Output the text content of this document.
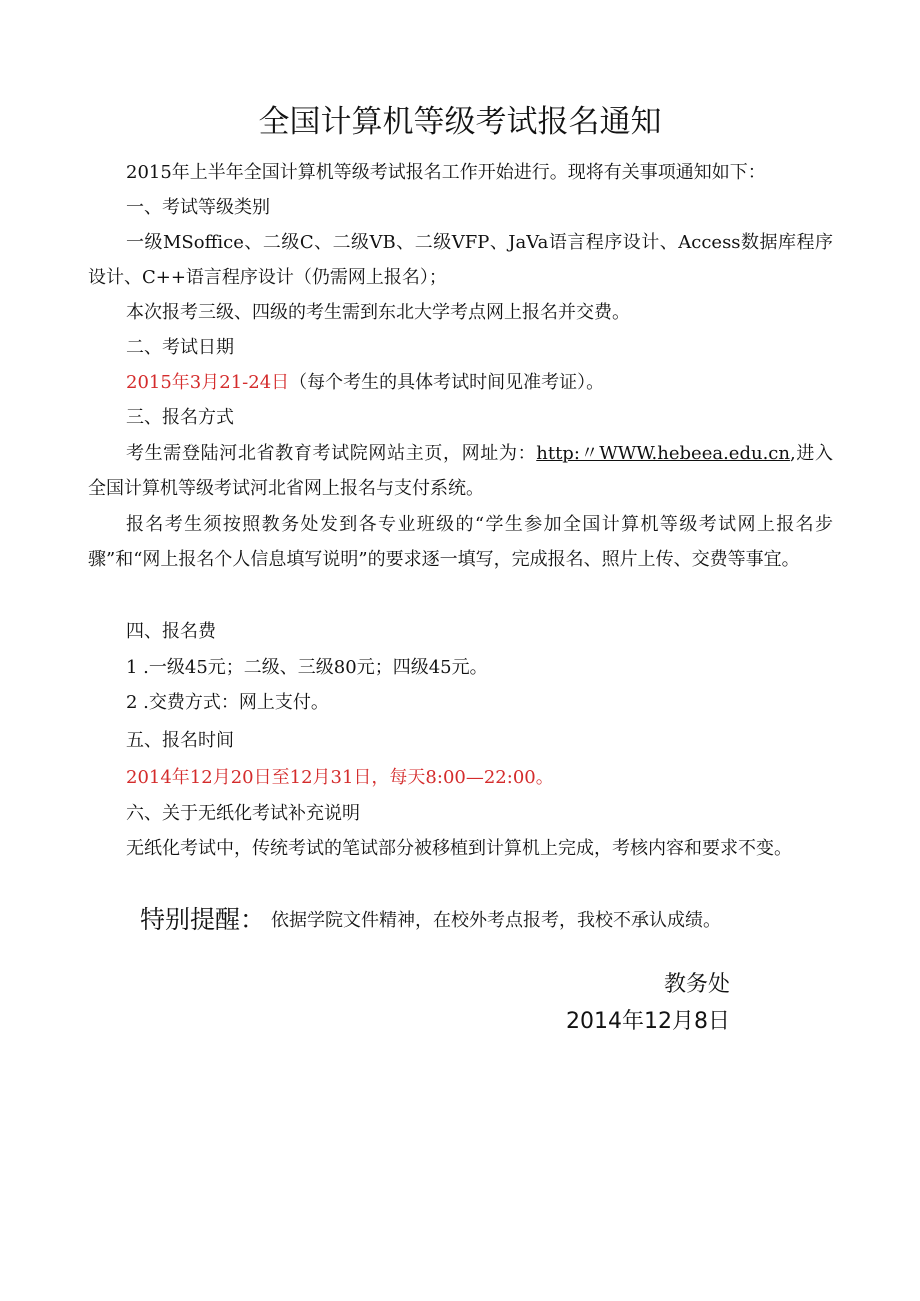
全国计算机等级考试报名通知
2015年上半年全国计算机等级考试报名工作开始进行。现将有关事项通知如下：
一、考试等级类别
一级MSoffice、二级C、二级VB、二级VFP、JaVa语言程序设计、Access数据库程序设计、C++语言程序设计（仍需网上报名）；
本次报考三级、四级的考生需到东北大学考点网上报名并交费。
二、考试日期
2015年3月21-24日（每个考生的具体考试时间见准考证）。
三、报名方式
考生需登陆河北省教育考试院网站主页，网址为：http:〃WWW.hebeea.edu.cn,进入全国计算机等级考试河北省网上报名与支付系统。
报名考生须按照教务处发到各专业班级的“学生参加全国计算机等级考试网上报名步骤”和“网上报名个人信息填写说明”的要求逐一填写，完成报名、照片上传、交费等事宜。
四、报名费
1 .一级45元；二级、三级80元；四级45元。
2 .交费方式：网上支付。
五、报名时间
2014年12月20日至12月31日，每天8:00—22:00。
六、关于无纸化考试补充说明
无纸化考试中，传统考试的笔试部分被移植到计算机上完成，考核内容和要求不变。
特别提醒： 依据学院文件精神，在校外考点报考，我校不承认成绩。
教务处
2014年12月8日
